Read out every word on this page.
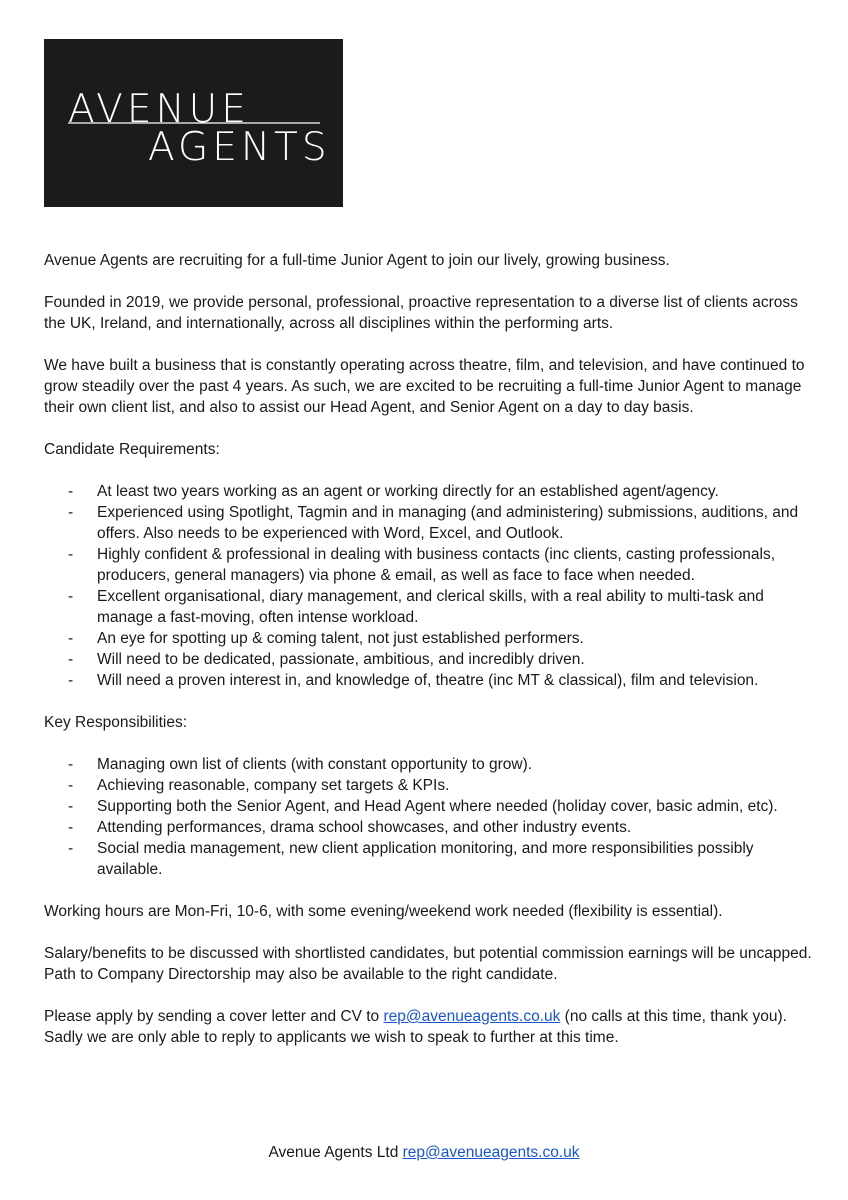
AVENUE
AGENTS

Avenue Agents are recruiting for a full-time Junior Agent to join our lively, growing business.

Founded in 2019, we provide personal, professional, proactive representation to a diverse list of clients across the UK, Ireland, and internationally, across all disciplines within the performing arts.

We have built a business that is constantly operating across theatre, film, and television, and have continued to grow steadily over the past 4 years. As such, we are excited to be recruiting a full-time Junior Agent to manage their own client list, and also to assist our Head Agent, and Senior Agent on a day to day basis.

Candidate Requirements:

- At least two years working as an agent or working directly for an established agent/agency.
- Experienced using Spotlight, Tagmin and in managing (and administering) submissions, auditions, and offers. Also needs to be experienced with Word, Excel, and Outlook.
- Highly confident & professional in dealing with business contacts (inc clients, casting professionals, producers, general managers) via phone & email, as well as face to face when needed.
- Excellent organisational, diary management, and clerical skills, with a real ability to multi-task and manage a fast-moving, often intense workload.
- An eye for spotting up & coming talent, not just established performers.
- Will need to be dedicated, passionate, ambitious, and incredibly driven.
- Will need a proven interest in, and knowledge of, theatre (inc MT & classical), film and television.

Key Responsibilities:

- Managing own list of clients (with constant opportunity to grow).
- Achieving reasonable, company set targets & KPIs.
- Supporting both the Senior Agent, and Head Agent where needed (holiday cover, basic admin, etc).
- Attending performances, drama school showcases, and other industry events.
- Social media management, new client application monitoring, and more responsibilities possibly available.

Working hours are Mon-Fri, 10-6, with some evening/weekend work needed (flexibility is essential).

Salary/benefits to be discussed with shortlisted candidates, but potential commission earnings will be uncapped.

Path to Company Directorship may also be available to the right candidate.

Please apply by sending a cover letter and CV to rep@avenueagents.co.uk (no calls at this time, thank you). Sadly we are only able to reply to applicants we wish to speak to further at this time.

Avenue Agents Ltd rep@avenueagents.co.uk
